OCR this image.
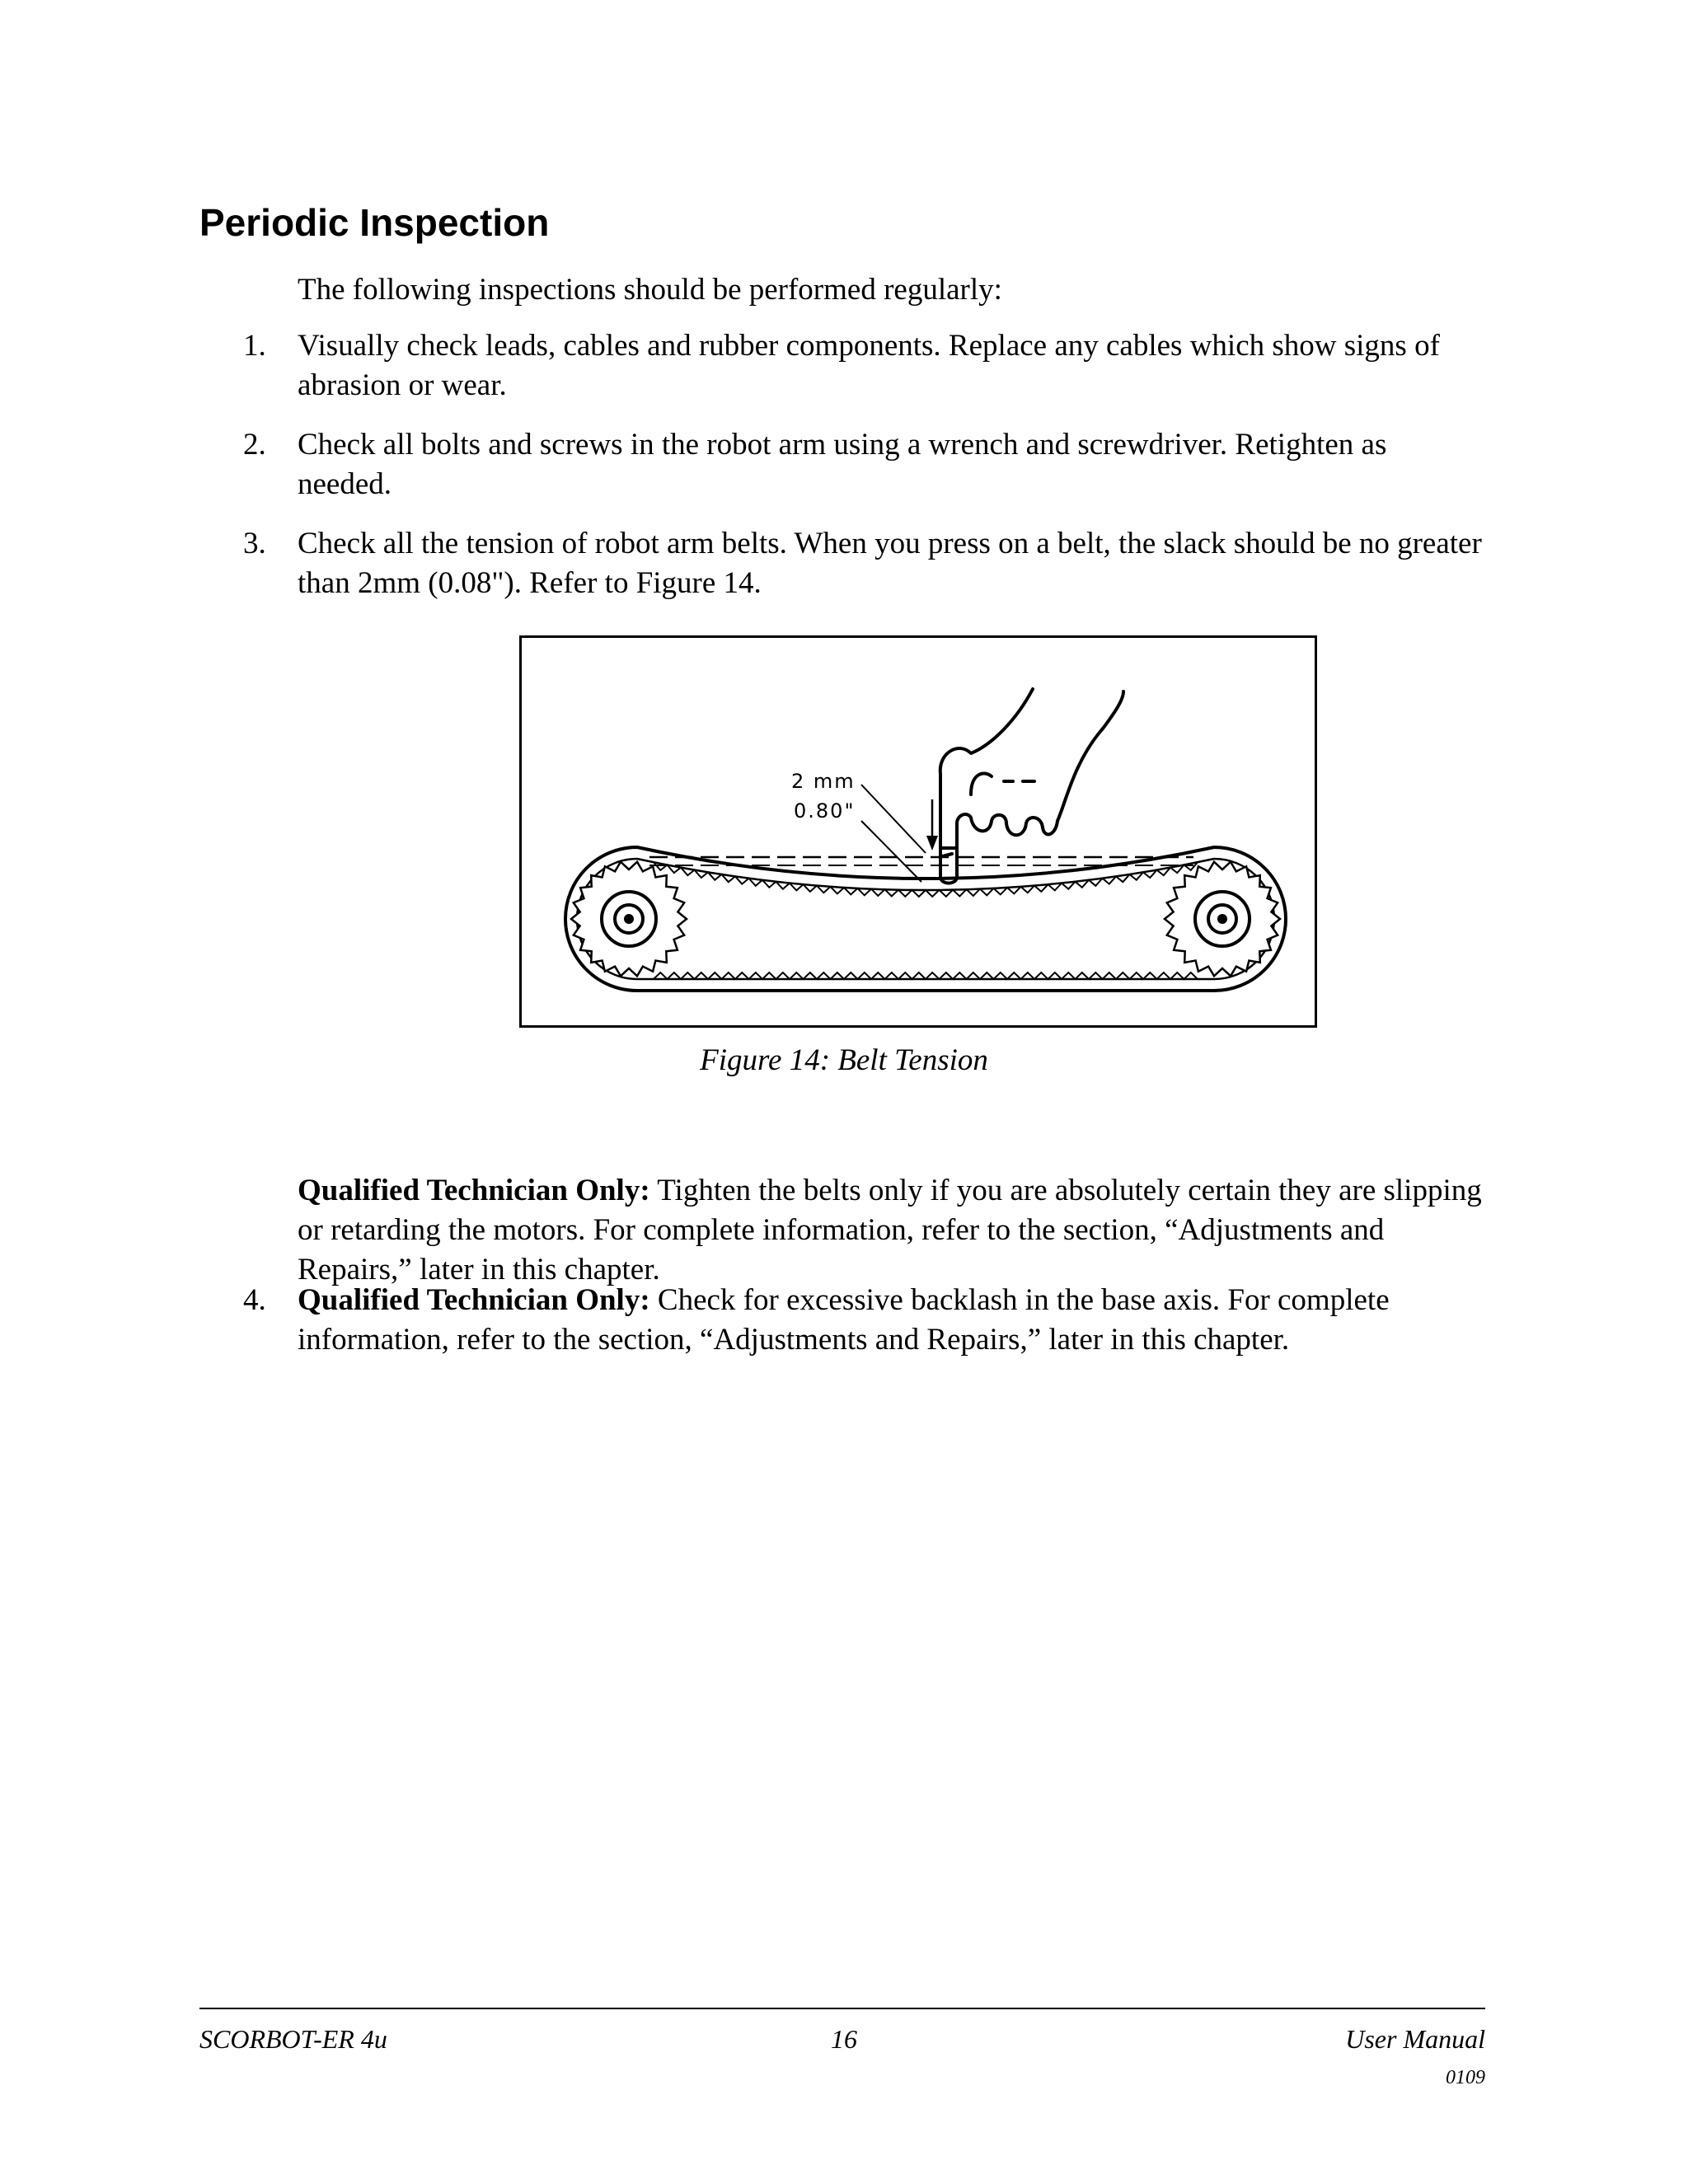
Periodic Inspection

The following inspections should be performed regularly:

1. Visually check leads, cables and rubber components. Replace any cables which show signs of abrasion or wear.
2. Check all bolts and screws in the robot arm using a wrench and screwdriver. Retighten as needed.
3. Check all the tension of robot arm belts. When you press on a belt, the slack should be no greater than 2mm (0.08"). Refer to Figure 14.
2 mm
0.80"
Figure 14: Belt Tension

Qualified Technician Only: Tighten the belts only if you are absolutely certain they are slipping or retarding the motors. For complete information, refer to the section, “Adjustments and Repairs,” later in this chapter.

4. Qualified Technician Only: Check for excessive backlash in the base axis. For complete information, refer to the section, “Adjustments and Repairs,” later in this chapter.
SCORBOT-ER 4u	16	User Manual
0109
